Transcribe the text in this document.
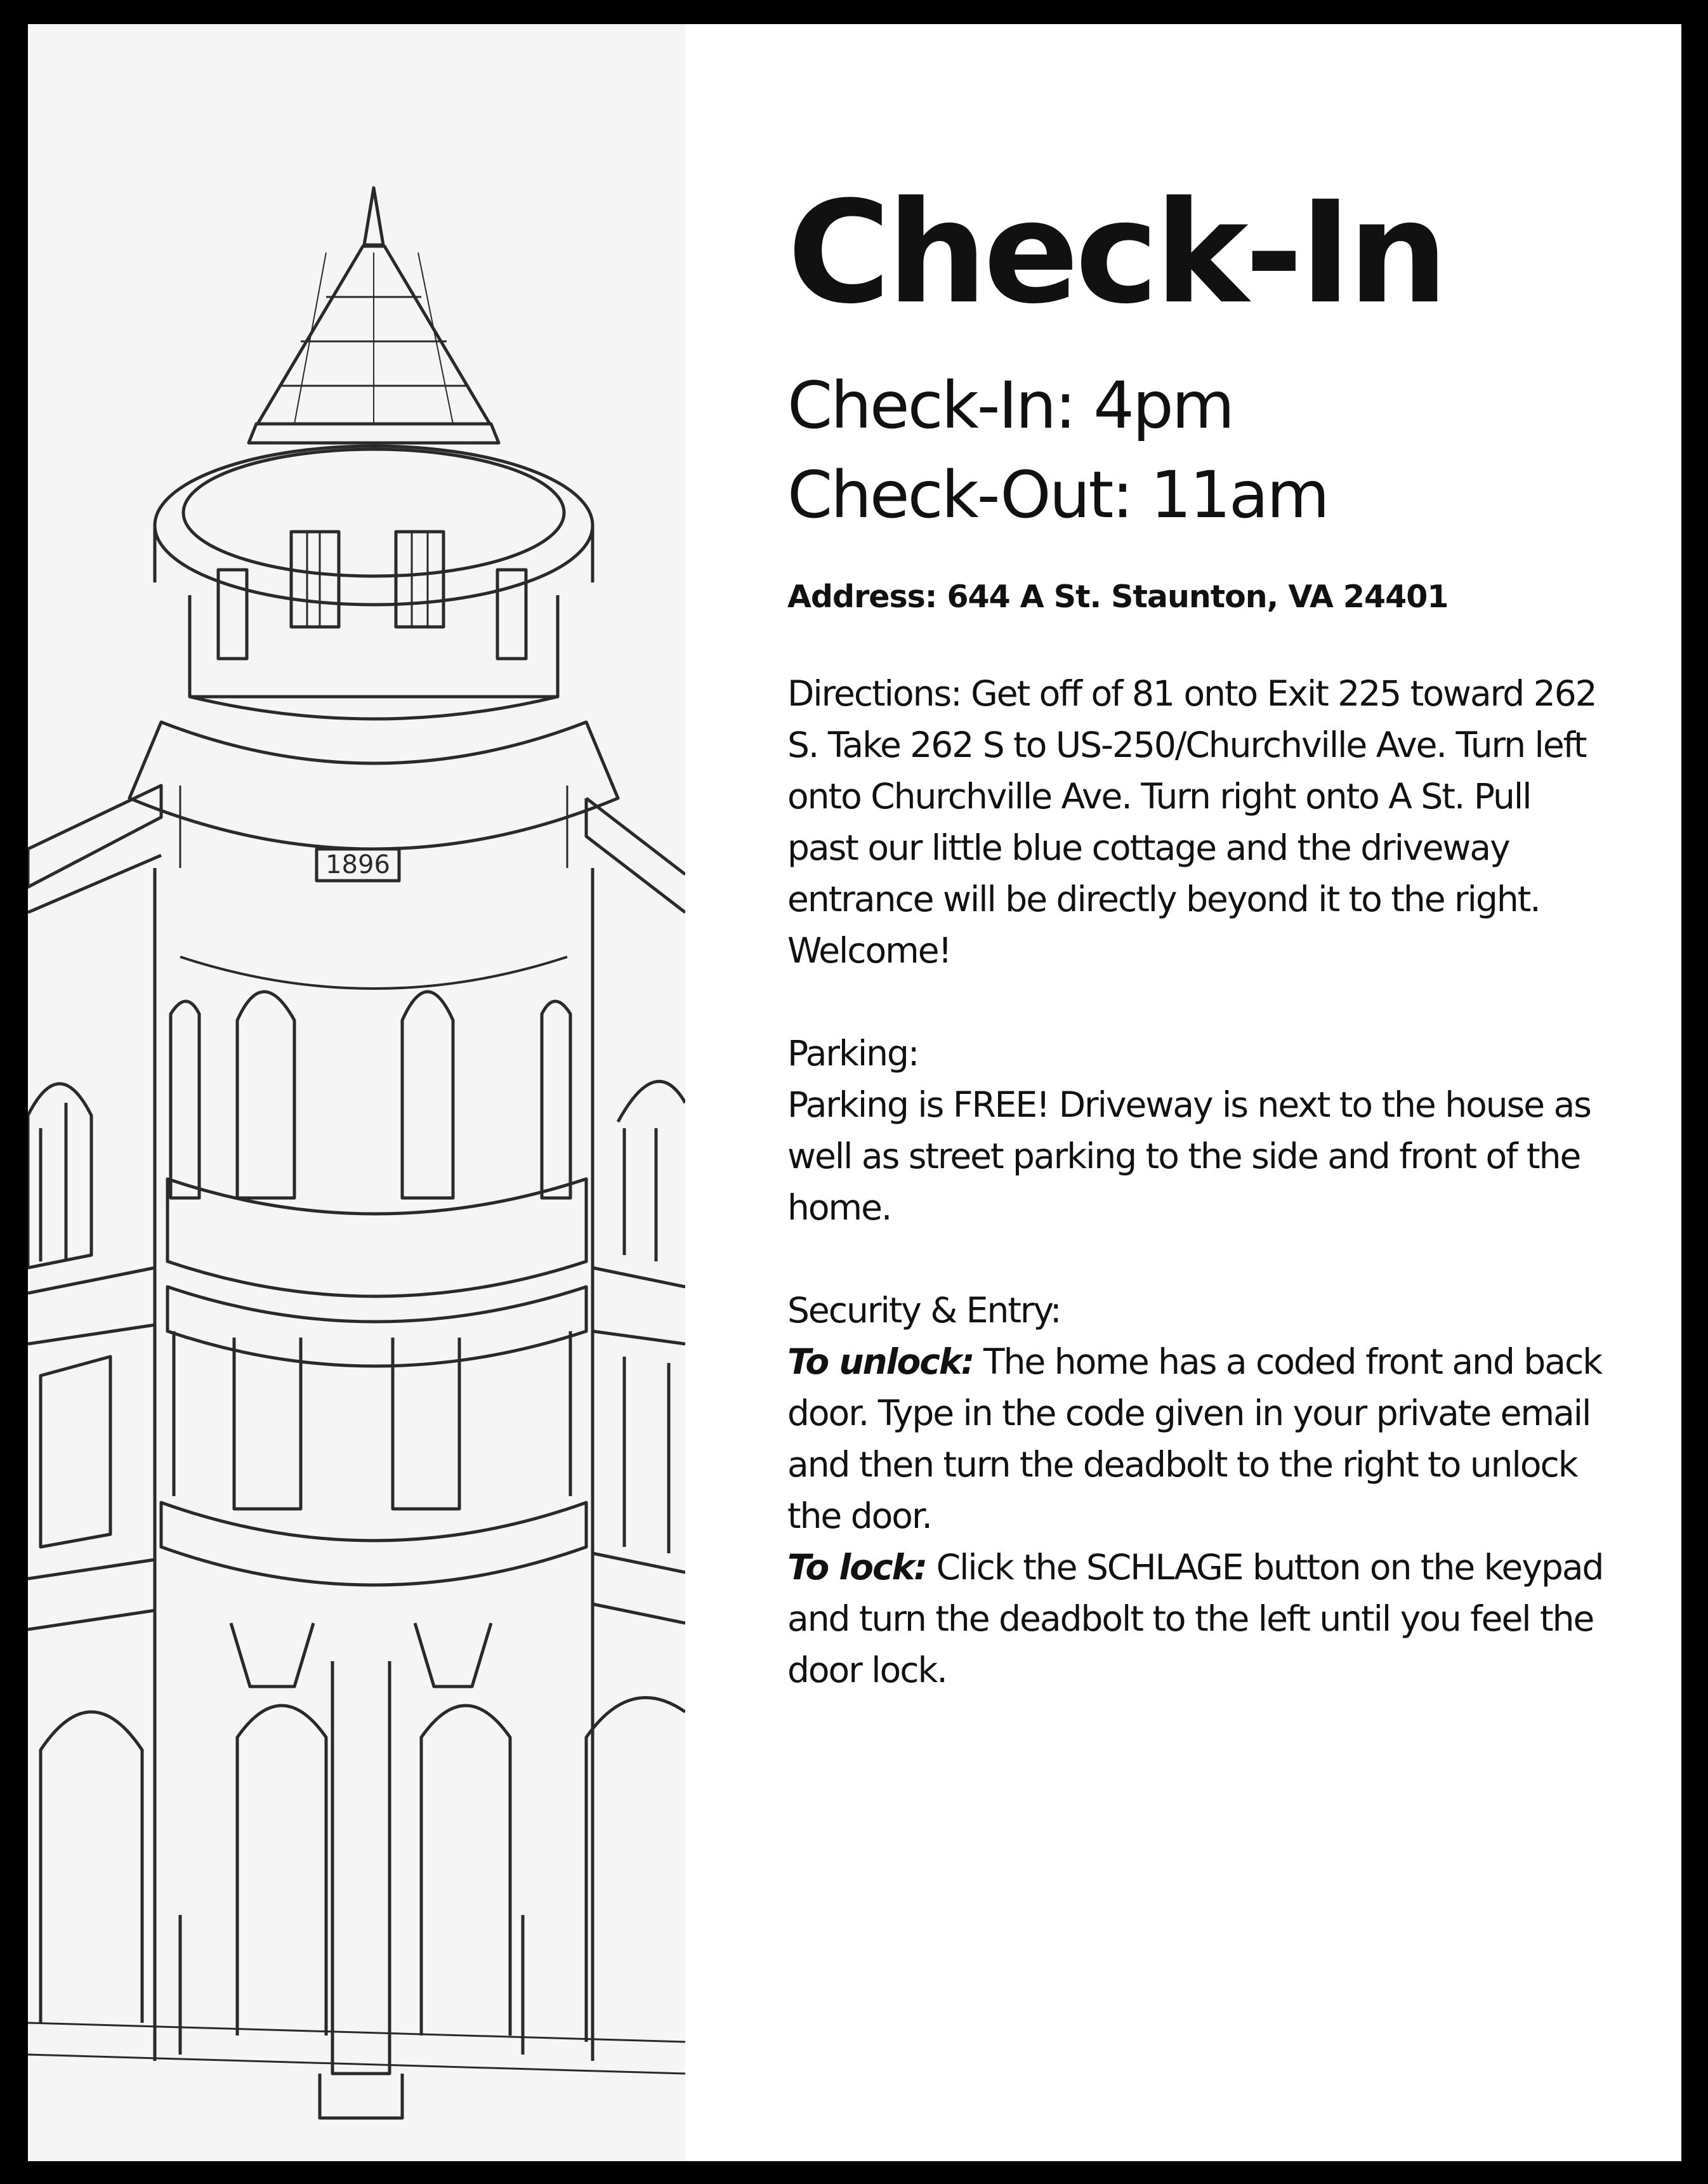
1896
Check-In
Check-In: 4pm
Check-Out: 11am
Address: 644 A St. Staunton, VA 24401
Directions: Get off of 81 onto Exit 225 toward 262 S. Take 262 S to US-250/Churchville Ave. Turn left onto Churchville Ave. Turn right onto A St. Pull past our little blue cottage and the driveway entrance will be directly beyond it to the right. Welcome!
Parking:
Parking is FREE! Driveway is next to the house as well as street parking to the side and front of the home.
Security & Entry:
To unlock: The home has a coded front and back door. Type in the code given in your private email and then turn the deadbolt to the right to unlock the door.
To lock: Click the SCHLAGE button on the keypad and turn the deadbolt to the left until you feel the door lock.
